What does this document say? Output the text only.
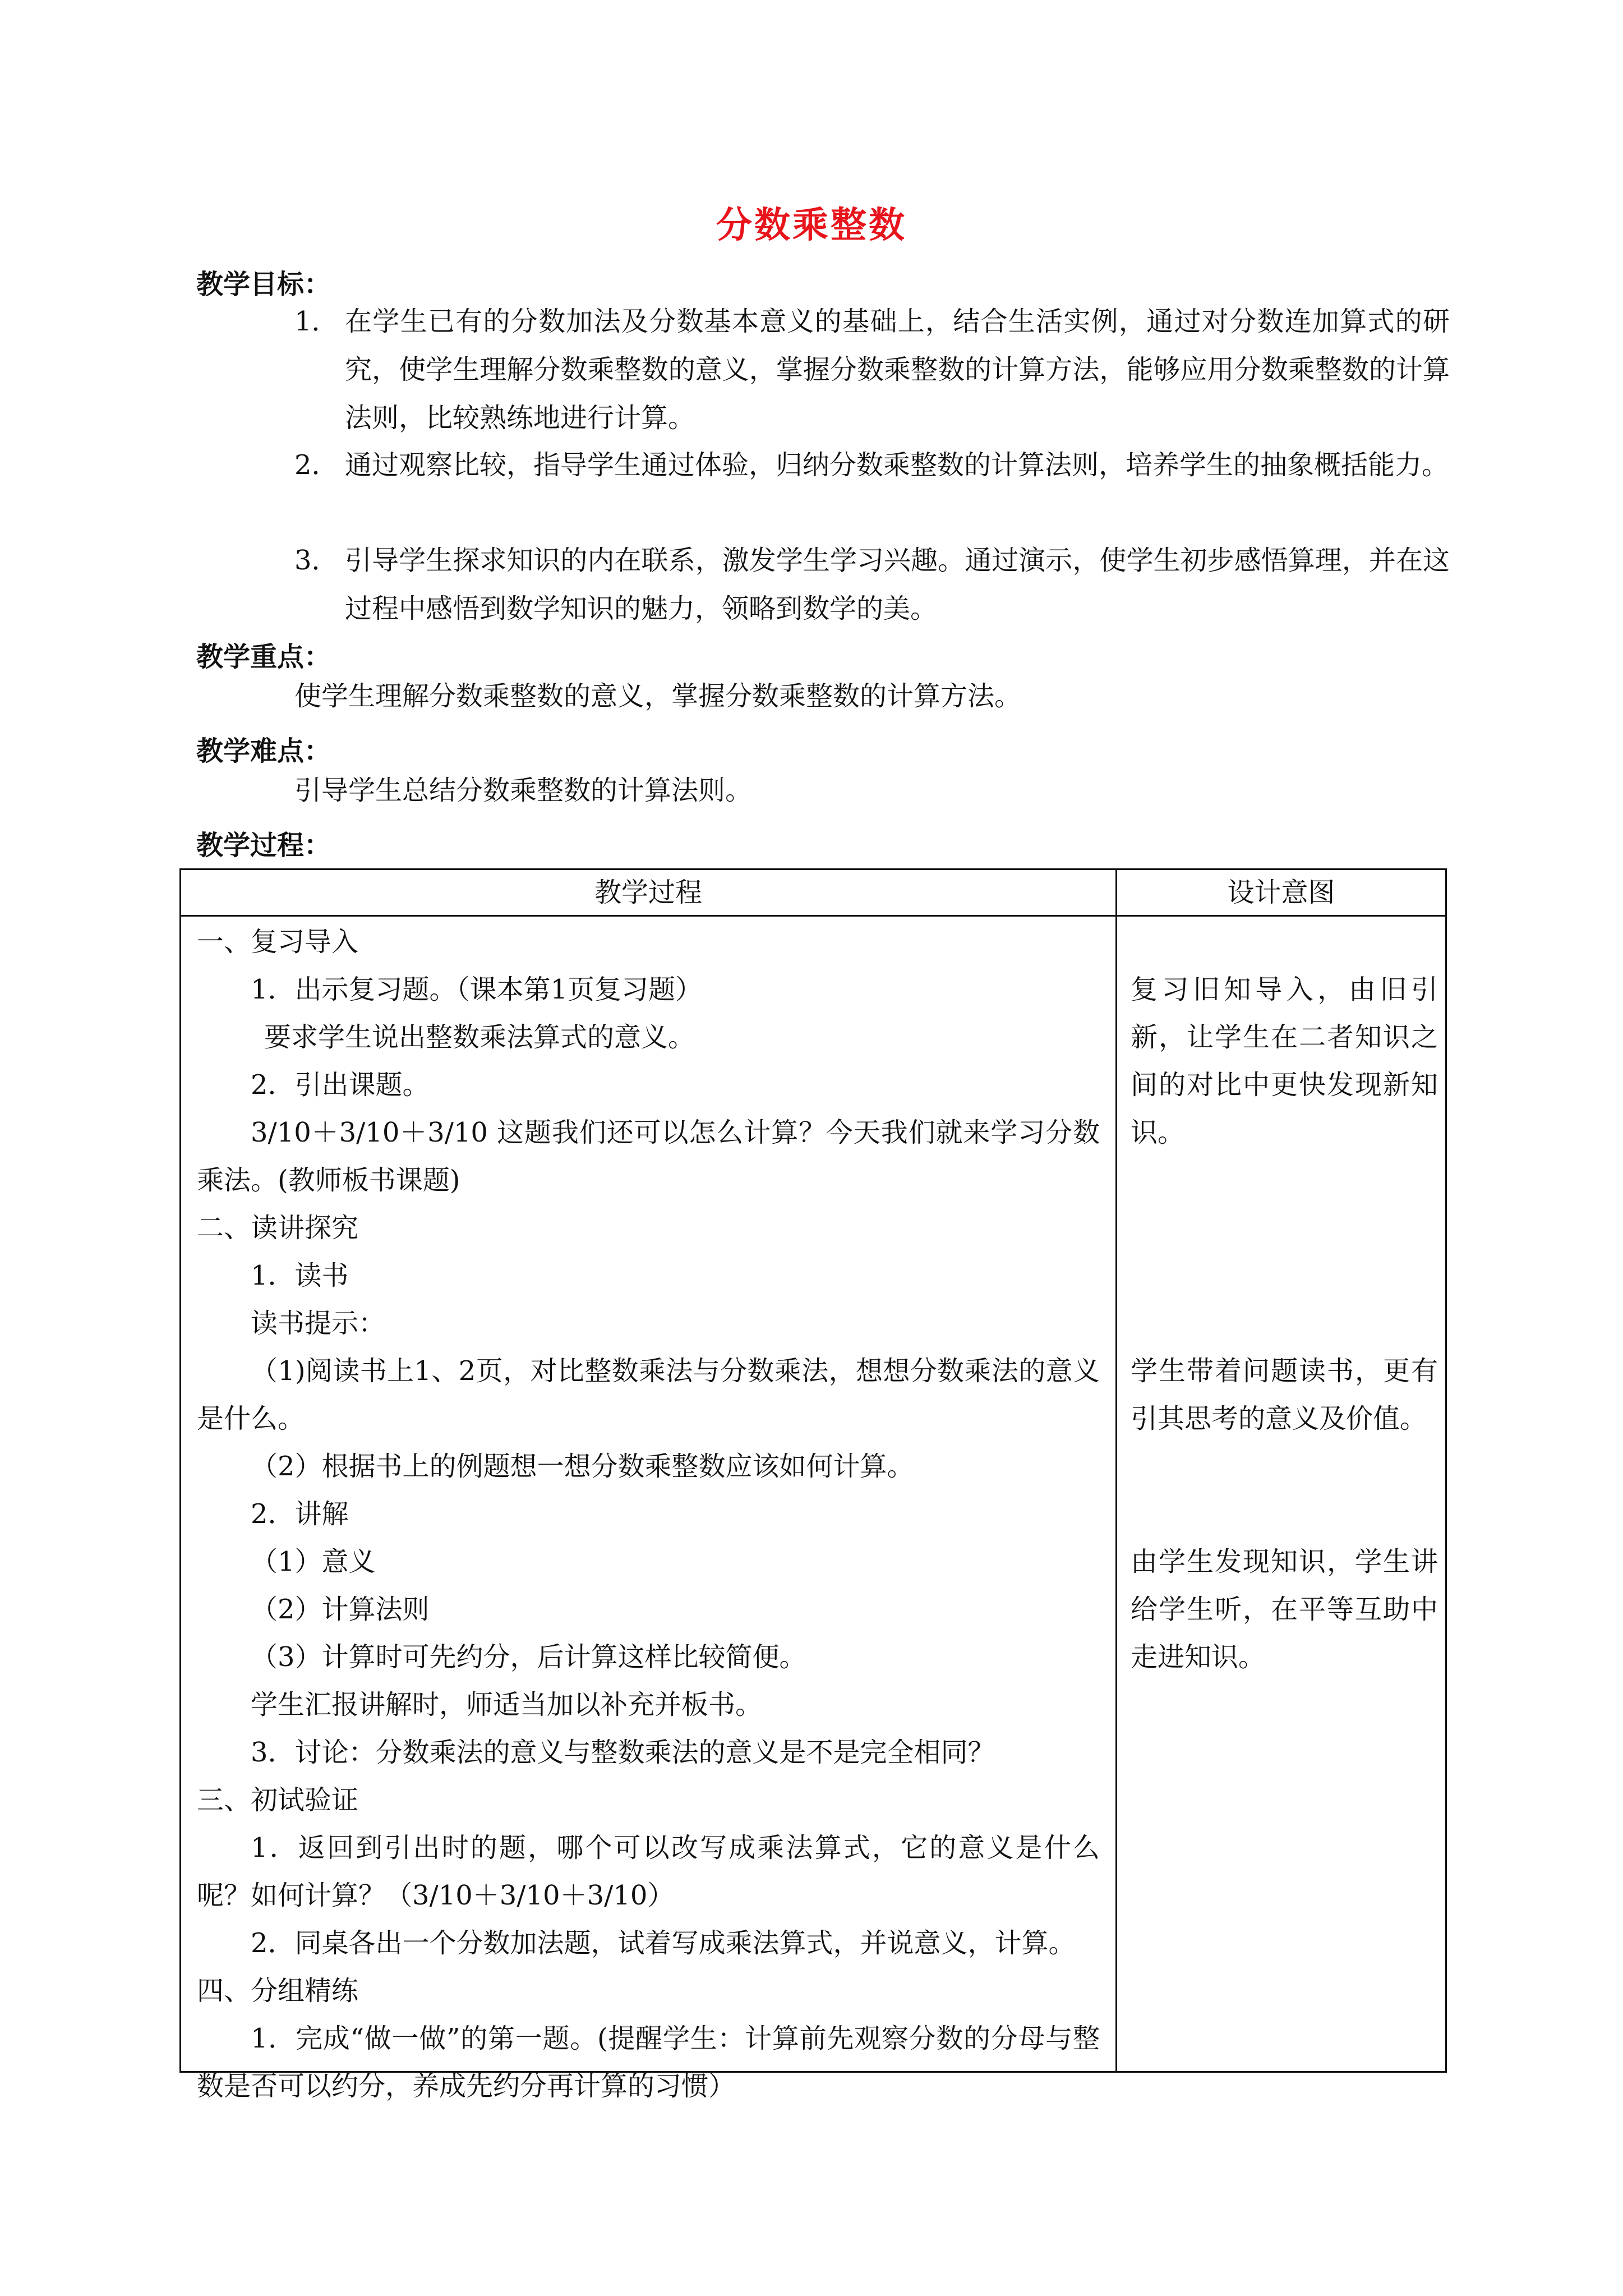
分数乘整数
教学目标：
1． 在学生已有的分数加法及分数基本意义的基础上，结合生活实例，通过对分数连加算式的研究，使学生理解分数乘整数的意义，掌握分数乘整数的计算方法，能够应用分数乘整数的计算法则，比较熟练地进行计算。
2． 通过观察比较，指导学生通过体验，归纳分数乘整数的计算法则，培养学生的抽象概括能力。
3． 引导学生探求知识的内在联系，激发学生学习兴趣。通过演示，使学生初步感悟算理，并在这过程中感悟到数学知识的魅力，领略到数学的美。
教学重点：
使学生理解分数乘整数的意义，掌握分数乘整数的计算方法。
教学难点：
引导学生总结分数乘整数的计算法则。
教学过程：
教学过程	设计意图
一、复习导入
1．出示复习题。（课本第1页复习题）
要求学生说出整数乘法算式的意义。
2．引出课题。
3/10＋3/10＋3/10 这题我们还可以怎么计算？今天我们就来学习分数乘法。(教师板书课题)
二、读讲探究
1．读书
读书提示：
（1)阅读书上1、2页，对比整数乘法与分数乘法，想想分数乘法的意义是什么。
（2）根据书上的例题想一想分数乘整数应该如何计算。
2．讲解
（1）意义
（2）计算法则
（3）计算时可先约分，后计算这样比较简便。
学生汇报讲解时，师适当加以补充并板书。
3．讨论：分数乘法的意义与整数乘法的意义是不是完全相同？
三、初试验证
1．返回到引出时的题，哪个可以改写成乘法算式，它的意义是什么呢？如何计算？（3/10＋3/10＋3/10）
2．同桌各出一个分数加法题，试着写成乘法算式，并说意义，计算。
四、分组精练
1．完成“做一做”的第一题。(提醒学生：计算前先观察分数的分母与整数是否可以约分，养成先约分再计算的习惯）
复习旧知导入，由旧引新，让学生在二者知识之间的对比中更快发现新知识。
学生带着问题读书，更有引其思考的意义及价值。
由学生发现知识，学生讲给学生听，在平等互助中走进知识。
